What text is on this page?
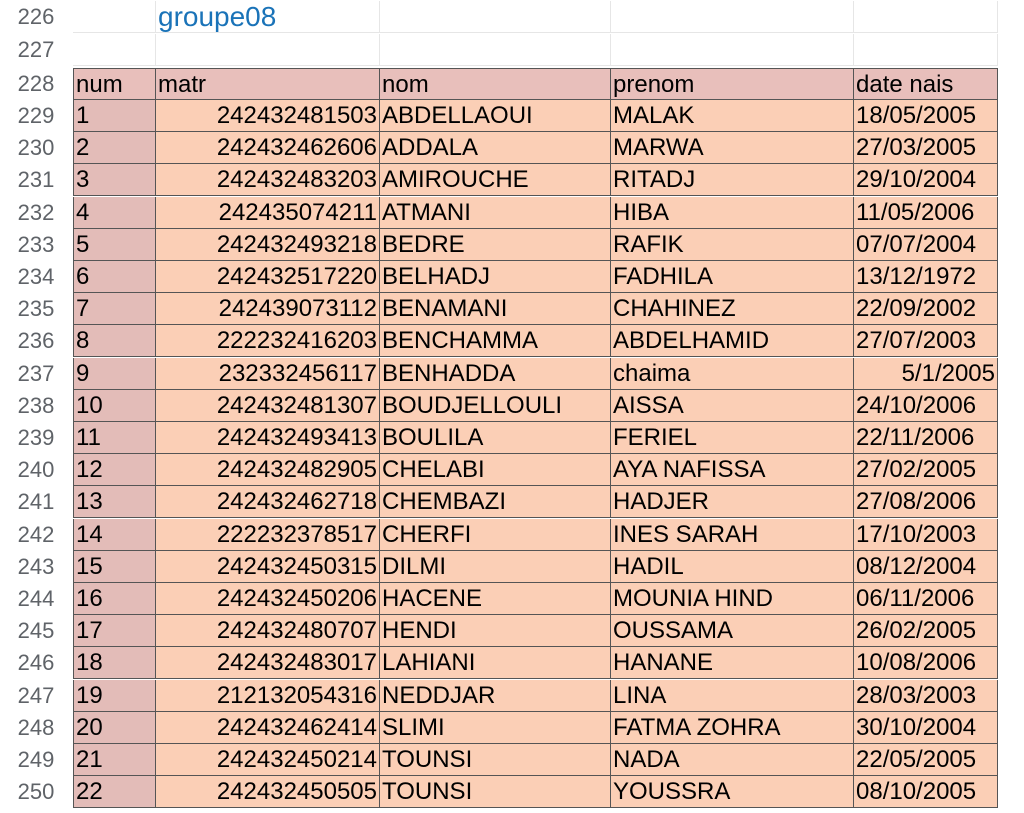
226	groupe08
227
228 num	matr	nom	prenom	date nais
229 1	242432481503 ABDELLAOUI	MALAK	18/05/2005
230 2	242432462606 ADDALA	MARWA	27/03/2005
231 3	242432483203 AMIROUCHE	RITADJ	29/10/2004
232 4	242435074211 ATMANI	HIBA	11/05/2006
233 5	242432493218 BEDRE	RAFIK	07/07/2004
234 6	242432517220 BELHADJ	FADHILA	13/12/1972
235 7	242439073112 BENAMANI	CHAHINEZ	22/09/2002
236 8	222232416203 BENCHAMMA	ABDELHAMID	27/07/2003
237 9	232332456117 BENHADDA	chaima	5/1/2005
238 10	242432481307 BOUDJELLOULI	AISSA	24/10/2006
239 11	242432493413 BOULILA	FERIEL	22/11/2006
240 12	242432482905 CHELABI	AYA NAFISSA	27/02/2005
241 13	242432462718 CHEMBAZI	HADJER	27/08/2006
242 14	222232378517 CHERFI	INES SARAH	17/10/2003
243 15	242432450315 DILMI	HADIL	08/12/2004
244 16	242432450206 HACENE	MOUNIA HIND	06/11/2006
245 17	242432480707 HENDI	OUSSAMA	26/02/2005
246 18	242432483017 LAHIANI	HANANE	10/08/2006
247 19	212132054316 NEDDJAR	LINA	28/03/2003
248 20	242432462414 SLIMI	FATMA ZOHRA	30/10/2004
249 21	242432450214 TOUNSI	NADA	22/05/2005
250 22	242432450505 TOUNSI	YOUSSRA	08/10/2005
